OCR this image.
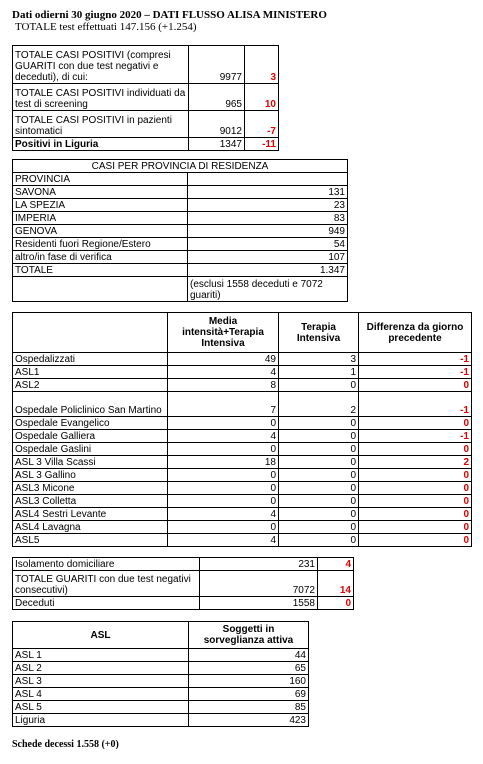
Dati odierni 30 giugno 2020 – DATI FLUSSO ALISA MINISTERO
TOTALE test effettuati 147.156 (+1.254)
TOTALE CASI POSITIVI (compresi GUARITI con due test negativi e deceduti), di cui:	9977	3
TOTALE CASI POSITIVI individuati da test di screening	965	10
TOTALE CASI POSITIVI in pazienti sintomatici	9012	-7
Positivi in Liguria	1347	-11
CASI PER PROVINCIA DI RESIDENZA	
PROVINCIA	
SAVONA	131
LA SPEZIA	23
IMPERIA	83
GENOVA	949
Residenti fuori Regione/Estero	54
altro/in fase di verifica	107
TOTALE	1.347
	(esclusi 1558 deceduti e 7072 guariti)
	Media intensità+Terapia Intensiva	Terapia Intensiva	Differenza da giorno precedente
Ospedalizzati	49	3	-1
ASL1	4	1	-1
ASL2	8	0	0
Ospedale Policlinico San Martino	7	2	-1
Ospedale Evangelico	0	0	0
Ospedale Galliera	4	0	-1
Ospedale Gaslini	0	0	0
ASL 3 Villa Scassi	18	0	2
ASL 3 Gallino	0	0	0
ASL3 Micone	0	0	0
ASL3 Colletta	0	0	0
ASL4 Sestri Levante	4	0	0
ASL4 Lavagna	0	0	0
ASL5	4	0	0
Isolamento domiciliare	231	4
TOTALE GUARITI con due test negativi consecutivi)	7072	14
Deceduti	1558	0
ASL	Soggetti in sorveglianza attiva
ASL 1	44
ASL 2	65
ASL 3	160
ASL 4	69
ASL 5	85
Liguria	423
Schede decessi 1.558 (+0)
